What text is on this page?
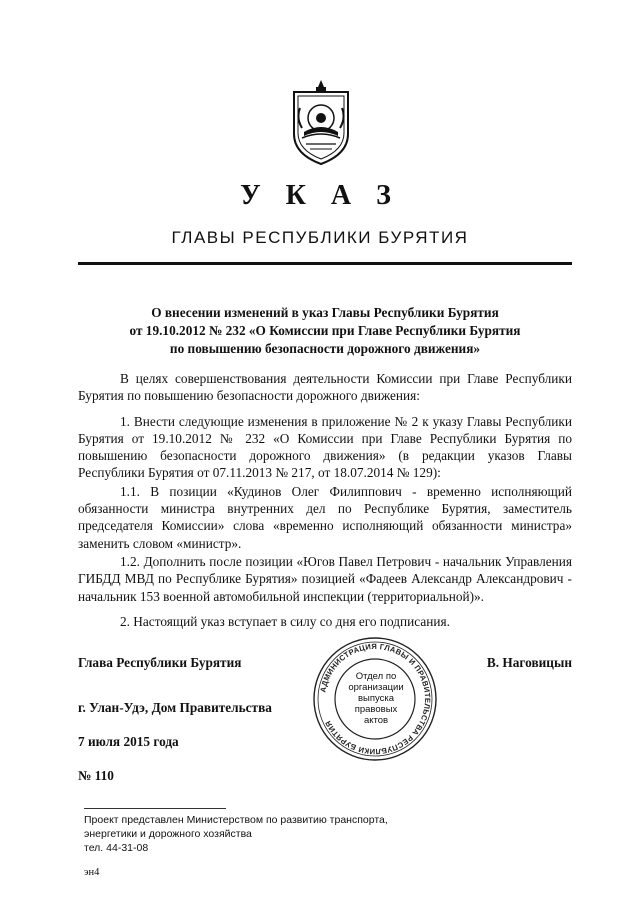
У К А З
ГЛАВЫ РЕСПУБЛИКИ БУРЯТИЯ
О внесении изменений в указ Главы Республики Бурятия
от 19.10.2012 № 232 «О Комиссии при Главе Республики Бурятия
по повышению безопасности дорожного движения»

В целях совершенствования деятельности Комиссии при Главе Республики Бурятия по повышению безопасности дорожного движения:

1. Внести следующие изменения в приложение № 2 к указу Главы Республики Бурятия от 19.10.2012 № 232 «О Комиссии при Главе Республики Бурятия по повышению безопасности дорожного движения» (в редакции указов Главы Республики Бурятия от 07.11.2013 № 217, от 18.07.2014 № 129):

1.1. В позиции «Кудинов Олег Филиппович - временно исполняющий обязанности министра внутренних дел по Республике Бурятия, заместитель председателя Комиссии» слова «временно исполняющий обязанности министра» заменить словом «министр».

1.2. Дополнить после позиции «Югов Павел Петрович - начальник Управления ГИБДД МВД по Республике Бурятия» позицией «Фадеев Александр Александрович - начальник 153 военной автомобильной инспекции (территориальной)».

2. Настоящий указ вступает в силу со дня его подписания.

Глава Республики Бурятия	В. Наговицын
г. Улан-Удэ, Дом Правительства
7 июля 2015 года
№ 110
АДМИНИСТРАЦИЯ ГЛАВЫ И ПРАВИТЕЛЬСТВА РЕСПУБЛИКИ БУРЯТИЯ
Отдел по
организации
выпуска
правовых
актов
Проект представлен Министерством по развитию транспорта,
энергетики и дорожного хозяйства
тел. 44-31-08
эн4
